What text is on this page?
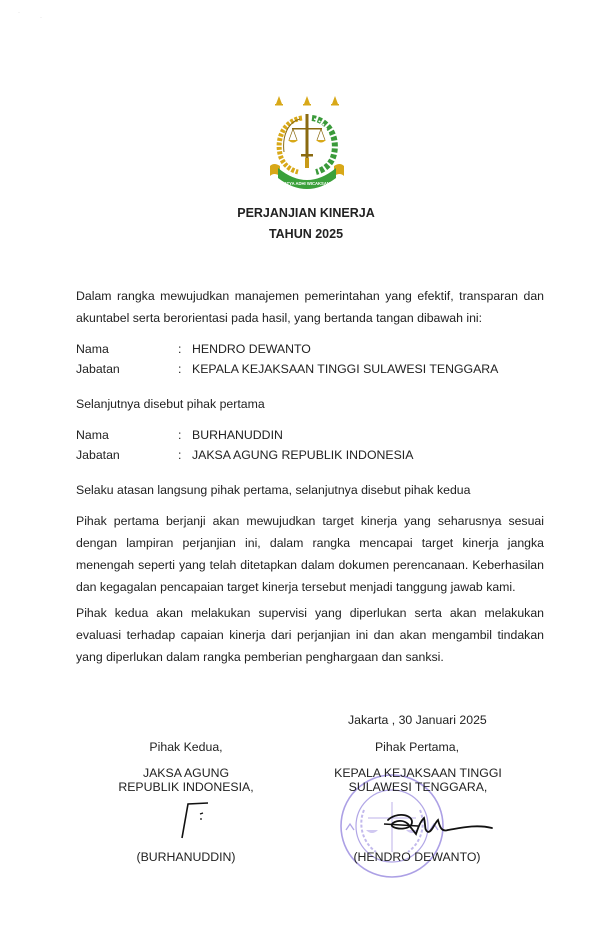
·
·
SATYA ADHI WICAKSANA
PERJANJIAN KINERJA
TAHUN 2025
Dalam rangka mewujudkan manajemen pemerintahan yang efektif, transparan dan akuntabel serta berorientasi pada hasil, yang bertanda tangan dibawah ini:
Nama	: HENDRO DEWANTO
Jabatan	: KEPALA KEJAKSAAN TINGGI SULAWESI TENGGARA
Selanjutnya disebut pihak pertama
Nama	: BURHANUDDIN
Jabatan	: JAKSA AGUNG REPUBLIK INDONESIA
Selaku atasan langsung pihak pertama, selanjutnya disebut pihak kedua
Pihak pertama berjanji akan mewujudkan target kinerja yang seharusnya sesuai dengan lampiran perjanjian ini, dalam rangka mencapai target kinerja jangka menengah seperti yang telah ditetapkan dalam dokumen perencanaan. Keberhasilan dan kegagalan pencapaian target kinerja tersebut menjadi tanggung jawab kami.
Pihak kedua akan melakukan supervisi yang diperlukan serta akan melakukan evaluasi terhadap capaian kinerja dari perjanjian ini dan akan mengambil tindakan yang diperlukan dalam rangka pemberian penghargaan dan sanksi.
Jakarta , 30 Januari 2025
Pihak Kedua,
JAKSA AGUNG
REPUBLIK INDONESIA,
(BURHANUDDIN)
Pihak Pertama,
KEPALA KEJAKSAAN TINGGI
SULAWESI TENGGARA,
(HENDRO DEWANTO)
